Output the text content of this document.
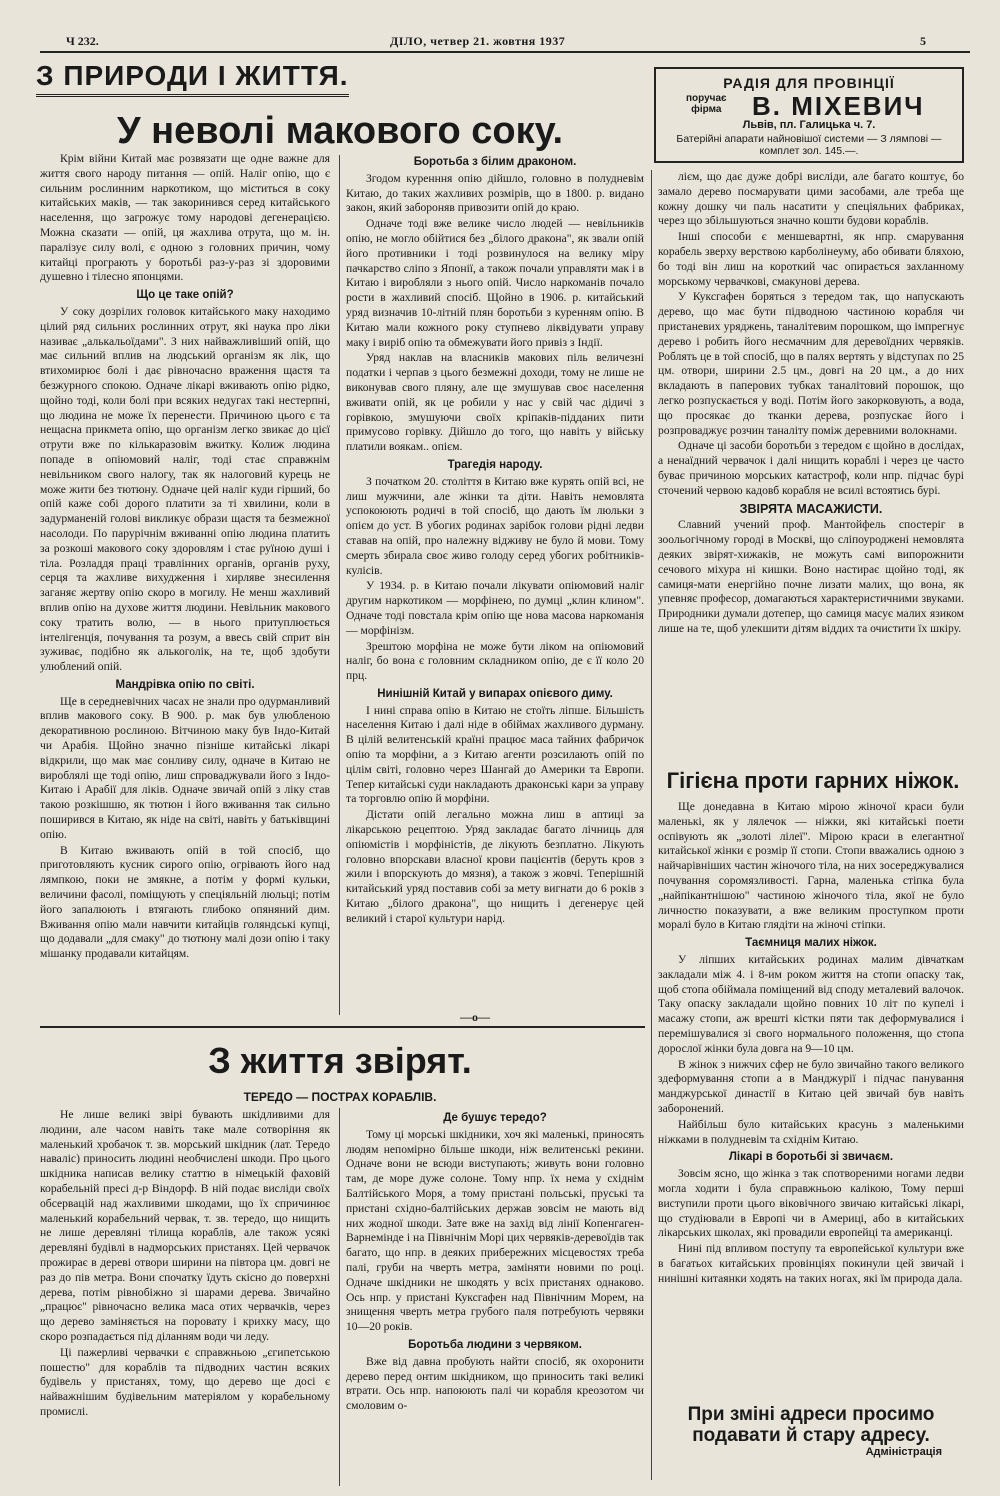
Ч 232.	ДІЛО, четвер 21. жовтня 1937	5
З ПРИРОДИ І ЖИТТЯ.
У неволі макового соку.
РАДІЯ ДЛЯ ПРОВІНЦІЇ
поручає
фірма В. МІХЕВИЧ
Львів, пл. Галицька ч. 7.
Батерійні апарати найновішої системи — З лямпові — комплет зол. 145.—.

Крім війни Китай має розвязати ще одне важне для життя свого народу питання — опій. Наліг опію, що є сильним рослинним наркотиком, що міститься в соку китайських маків, — так закоринився серед китайського населення, що загрожує тому народові дегенерацією. Можна сказати — опій, ця жахлива отрута, що м. ін. паралізує силу волі, є одною з головних причин, чому китайці програють у боротьбі раз-у-раз зі здоровими душевно і тілесно японцями.

Що це таке опій?

У соку дозрілих головок китайського маку находимо цілий ряд сильних рослинних отрут, які наука про ліки називає „алькальоїдами". З них найважливіший опій, що має сильний вплив на людський організм як лік, що втихомирює болі і дає рівночасно враження щастя та безжурного спокою. Одначе лікарі вживають опію рідко, щойно тоді, коли болі при всяких недугах такі нестерпні, що людина не може їх перенести. Причиною цього є та нещасна прикмета опію, що організм легко звикає до цієї отрути вже по кількаразовім вжитку. Колиж людина попаде в опіюмовий наліг, тоді стає справжнім невільником свого налогу, так як налоговий курець не може жити без тютюну. Одначе цей наліг куди гірший, бо опій каже собі дорого платити за ті хвилини, коли в задурманеній голові викликує образи щастя та безмежної насолоди. По парурічнім вживанні опію людина платить за розкоші макового соку здоровлям і стає руїною душі і тіла. Розладдя праці травлінних органів, органів руху, серця та жахливе вихудження і хирляве знесилення заганяє жертву опію скоро в могилу. Не менш жахливий вплив опію на духове життя людини. Невільник макового соку тратить волю, — в нього притуплюється інтелігенція, почування та розум, а ввесь свій сприт він зуживає, подібно як алькоголік, на те, щоб здобути улюблений опій.

Мандрівка опію по світі.

Ще в середневічних часах не знали про одурманливий вплив макового соку. В 900. р. мак був улюбленою декоративною рослиною. Вітчиною маку був Індо-Китай чи Арабія. Щойно значно пізніше китайські лікарі відкрили, що мак має сонливу силу, одначе в Китаю не вироблялі ще тоді опію, лиш спроваджували його з Індо-Китаю і Арабії для ліків. Одначе звичай опій з ліку став такою розкішшю, як тютюн і його вживання так сильно поширився в Китаю, як ніде на світі, навіть у батьківщині опію.

В Китаю вживають опій в той спосіб, що приготовляють кусник сирого опію, огрівають його над лямпкою, поки не змякне, а потім у формі кульки, величини фасолі, поміщують у спеціяльній люльці; потім його запалюють і втягають глибоко опяняний дим. Вживання опію мали навчити китайців голяндські купці, що додавали „для смаку" до тютюну малі дози опію і таку мішанку продавали китайцям.

Боротьба з білим драконом.

Згодом куренння опію дійшло, головно в полудневім Китаю, до таких жахливих розмірів, що в 1800. р. видано закон, який забороняв привозити опій до краю.

Одначе тоді вже велике число людей — невільників опію, не могло обійтися без „білого дракона", як звали опій його противники і тоді розвинулося на велику міру пачкарство сліпо з Японії, а також почали управляти мак і в Китаю і виробляли з нього опій. Число наркоманів почало рости в жахливий спосіб. Щойно в 1906. р. китайський уряд визначив 10-літній плян боротьби з куренням опію. В Китаю мали кожного року ступнево ліквідувати управу маку і виріб опію та обмежувати його привіз з Індії.

Уряд наклав на власників макових піль величезні податки і черпав з цього безмежні доходи, тому не лише не виконував свого пляну, але ще змушував своє населення вживати опій, як це робили у нас у свій час дідичі з горівкою, змушуючи своїх кріпаків-підданих пити примусово горівку. Дійшло до того, що навіть у війську платили воякам.. опієм.

Трагедія народу.

З початком 20. століття в Китаю вже курять опій всі, не лиш мужчини, але жінки та діти. Навіть немовлята успокоюють родичі в той спосіб, що дають їм люльки з опієм до уст. В убогих родинах зарібок голови рідні ледви ставав на опій, про належну відживу не було й мови. Тому смерть збирала своє живо голоду серед убогих робітників-кулісів.

У 1934. р. в Китаю почали лікувати опіюмовий наліг другим наркотиком — морфінею, по думці „клин клином". Одначе тоді повстала крім опію ще нова масова наркоманія — морфінізм.

Зрештою морфіна не може бути ліком на опіюмовий наліг, бо вона є головним складником опію, де є її коло 20 прц.

Нинішній Китай у випарах опієвого диму.

І нині справа опію в Китаю не стоїть ліпше. Більшість населення Китаю і далі ніде в обіймах жахливого дурману. В цілій велитенській країні працює маса тайних фабричок опію та морфіни, а з Китаю агенти розсилають опій по цілім світі, головно через Шангай до Америки та Европи. Тепер китайські суди накладають драконські кари за управу та торговлю опію й морфіни.

Дістати опій легально можна лиш в аптиці за лікарською рецептою. Уряд закладає багато лічниць для опіюмістів і морфіністів, де лікують безплатно. Лікують головно впорскави власної крови пацієнтів (беруть кров з жили і впорскують до мязня), а також з жовчі. Теперішній китайський уряд поставив собі за мету вигнати до 6 років з Китаю „білого дракона", що нищить і дегенерує цей великий і старої культури нарід.

—o—

лієм, що дає дуже добрі висліди, але багато коштує, бо замало дерево посмарувати цими засобами, але треба ще кожну дошку чи паль насатити у спеціяльних фабриках, через що збільшуються значно кошти будови кораблів.

Інші способи є меншевартні, як нпр. смарування корабель зверху верствою карболінеуму, або обивати бляхою, бо тоді він лиш на короткий час опирається захланному морському червачкові, смакунові дерева.

У Куксгафен боряться з тередом так, що напускають дерево, що має бути підводною частиною корабля чи пристаневих уряджень, таналітевим порошком, що імпрегнує дерево і робить його несмачним для деревоїдних червяків. Роблять це в той спосіб, що в палях вертять у відступах по 25 цм. отвори, ширини 2.5 цм., довгі на 20 цм., а до них вкладають в паперових тубках таналітовий порошок, що легко розпускається у воді. Потім його закорковують, а вода, що просякає до тканки дерева, розпускає його і розпроваджує розчин таналіту поміж деревними волокнами.

Одначе ці засоби боротьби з тередом є щойно в дослідах, а ненаїдний червачок і далі нищить кораблі і через це часто буває причиною морських катастроф, коли нпр. підчас бурі сточений червою кадовб корабля не всилі встоятись бурі.

ЗВІРЯТА МАСАЖИСТИ.

Славний учений проф. Мантойфель спостеріг в зоольогічному городі в Москві, що сліпоуроджені немовлята деяких звірят-хижаків, не можуть самі випорожнити сечового міхура ні кишки. Воно настирає щойно тоді, як самиця-мати енергійно почне лизати малих, що вона, як упевняє професор, домагаються характеристичними звуками. Природники думали дотепер, що самиця масує малих язиком лише на те, щоб улекшити дітям віддих та очистити їх шкіру.

Гігієна проти гарних ніжок.

Ще донедавна в Китаю мірою жіночої краси були маленькі, як у лялечок — ніжки, які китайські поети оспівують як „золоті лілеї". Мірою краси в елегантної китайської жінки є розмір її стопи. Стопи вважались одною з найчарівніших частин жіночого тіла, на них зосереджувалися почування соромязливості. Гарна, маленька стіпка була „найпікантнішою" частиною жіночого тіла, якої не було личностю показувати, а вже великим проступком проти моралі було в Китаю глядіти на жіночі стіпки.

Таємниця малих ніжок.

У ліпших китайських родинах малим дівчаткам закладали між 4. і 8-им роком життя на стопи опаску так, щоб стопа обіймала поміщений від споду металевий валочок. Таку опаску закладали щойно повних 10 літ по купелі і масажу стопи, аж врешті кістки пяти так деформувалися і перемішувалися зі свого нормального положення, що стопа дорослої жінки була довга на 9—10 цм.

В жінок з нижчих сфер не було звичайно такого великого здеформування стопи а в Манджурії і підчас панування манджурської династії в Китаю цей звичай був навіть заборонений.

Найбільш було китайських красунь з маленькими ніжками в полудневім та східнім Китаю.

Лікарі в боротьбі зі звичаєм.

Зовсім ясно, що жінка з так спотвореними ногами ледви могла ходити і була справжньою калікою, Тому перші виступили проти цього віковічного звичаю китайські лікарі, що студіювали в Европі чи в Америці, або в китайських лікарських школах, які провадили европейці та американці.

Нині під впливом поступу та европейської культури вже в багатьох китайських провінціях покинули цей звичай і нинішні китаянки ходять на таких ногах, які їм природа дала.

При зміні адреси просимо
подавати й стару адресу.
Адміністрація
З життя звірят.
ТЕРЕДО — ПОСТРАХ КОРАБЛІВ.

Не лише великі звірі бувають шкідливими для людини, але часом навіть таке мале сотворіння як маленький хробачок т. зв. морський шкідник (лат. Тередо наваліс) приносить людині необчислені шкоди. Про цього шкідника написав велику статтю в німецькій фаховій корабельній пресі д-р Віндорф. В ній подає висліди своїх обсервацій над жахливими шкодами, що їх спричинює маленький корабельний червак, т. зв. тередо, що нищить не лише деревляні тілища кораблів, але також усякі деревляні будівлі в надморських пристанях. Цей червачок прожирає в дереві отвори ширини на півтора цм. довгі не раз до пів метра. Вони спочатку їдуть скісно до поверхні дерева, потім рівнобіжно зі шарами дерева. Звичайно „працює" рівночасно велика маса отих червачків, через що дерево заміняється на поровату і крихку масу, що скоро розпадається під діланням води чи леду.

Ці пажерливі червачки є справжньою „єгипетською пошестю" для кораблів та підводних частин всяких будівель у пристанях, тому, що дерево ще досі є найважнішим будівельним матеріялом у корабельному промислі.

Де бушує тередо?

Тому ці морські шкідники, хоч які маленькі, приносять людям непомірно більше шкоди, ніж велитенські рекини. Одначе вони не всюди виступають; живуть вони головно там, де море дуже солоне. Тому нпр. їх нема у східнім Балтійського Моря, а тому пристані польські, пруські та пристані східно-балтійських держав зовсім не мають від них жодної шкоди. Зате вже на захід від лінії Копенгаген-Варнемінде і на Північнім Морі цих червяків-деревоїдів так багато, що нпр. в деяких прибережних місцевостях треба палі, груби на чверть метра, заміняти новими по році. Одначе шкідники не шкодять у всіх пристанях однаково. Ось нпр. у пристані Куксгафен над Північним Морем, на знищення чверть метра грубого паля потребують червяки 10—20 років.

Боротьба людини з червяком.

Вже від давна пробують найти спосіб, як охоронити дерево перед онтим шкідником, що приносить такі великі втрати. Ось нпр. напоюють палі чи корабля креозотом чи смоловим о-
